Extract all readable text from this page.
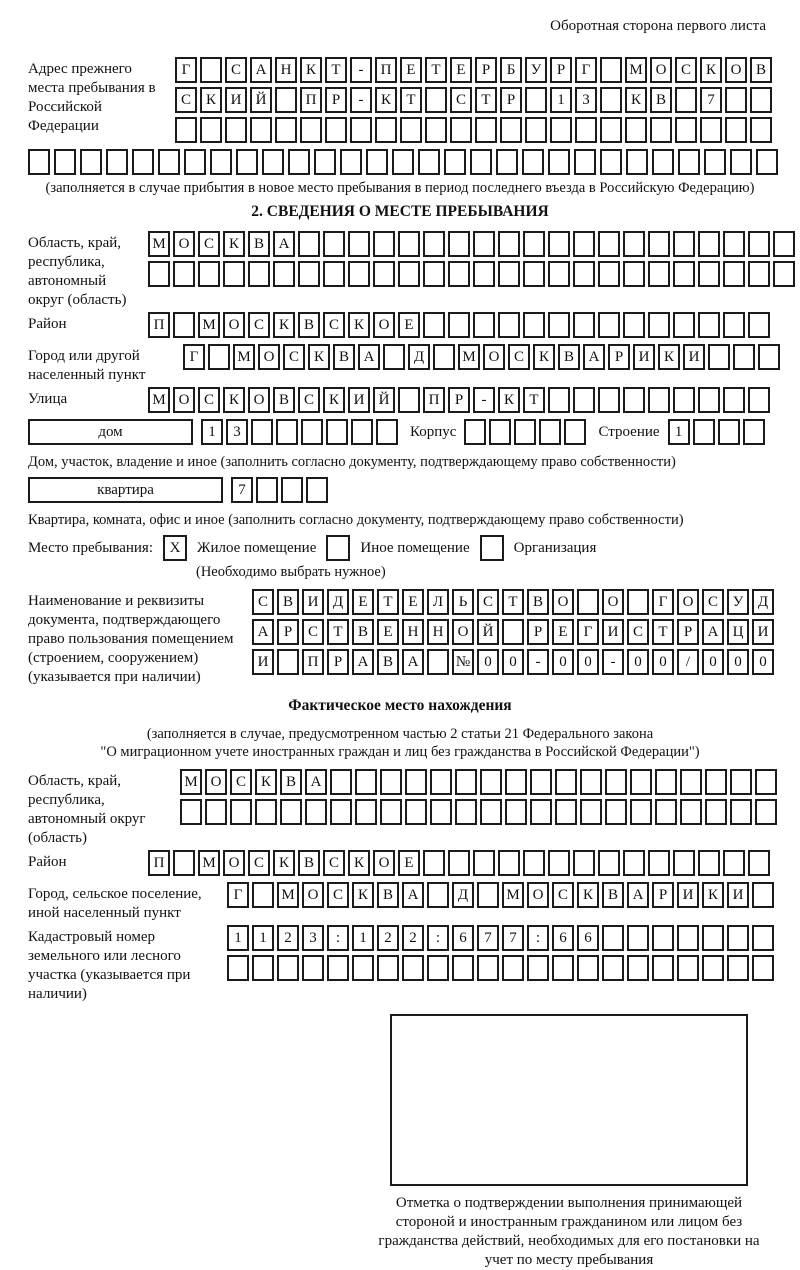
Оборотная сторона первого листа
Адрес прежнего места пребывания в Российской Федерации
Г	С А Н К	Т	-	П Е	Т	Е	Р	Б	У	Р	Г	М О С К О В
С К И Й	П	Р	-	К	Т	С	Т	Р	1	3	К В	7
(заполняется в случае прибытия в новое место пребывания в период последнего въезда в Российскую Федерацию)
2. СВЕДЕНИЯ О МЕСТЕ ПРЕБЫВАНИЯ
Область, край, республика, автономный округ (область)
М О С К В А
Район	П	М О С К В С К О Е
Город или другой населенный пункт
Г	М О С К В А	Д	М О С К В А	Р	И К И
Улица	М О С К О В С К И Й	П	Р	-	К	Т
дом	1	3	Корпус	Строение	1
Дом, участок, владение и иное (заполнить согласно документу, подтверждающему право собственности)
квартира	7
Квартира, комната, офис и иное (заполнить согласно документу, подтверждающему право собственности)
Место пребывания:	X	Жилое помещение	Иное помещение	Организация
(Необходимо выбрать нужное)
Наименование и реквизиты документа, подтверждающего право пользования помещением (строением, сооружением) (указывается при наличии)
С В И Д	Е	Т	Е	Л	Ь	С	Т	В О	О	Г	О С У Д
А	Р	С	Т	В	Е	Н Н О Й	Р	Е	Г	И С	Т	Р	А Ц И
И	П	Р	А В А	№ 0	0	-	0	0	-	0	0	/	0	0	0
Фактическое место нахождения
(заполняется в случае, предусмотренном частью 2 статьи 21 Федерального закона
"О миграционном учете иностранных граждан и лиц без гражданства в Российской Федерации")
Область, край, республика, автономный округ (область)
М О С К В А
Район	П	М О С К В С К О Е
Город, сельское поселение, иной населенный пункт
Г	М О С К В А	Д	М О С К В А	Р	И К И
Кадастровый номер земельного или лесного участка (указывается при наличии)
1	1	2	3	:	1	2	2	:	6	7	7	:	6	6
Отметка о подтверждении выполнения принимающей стороной и иностранным гражданином или лицом без гражданства действий, необходимых для его постановки на учет по месту пребывания
